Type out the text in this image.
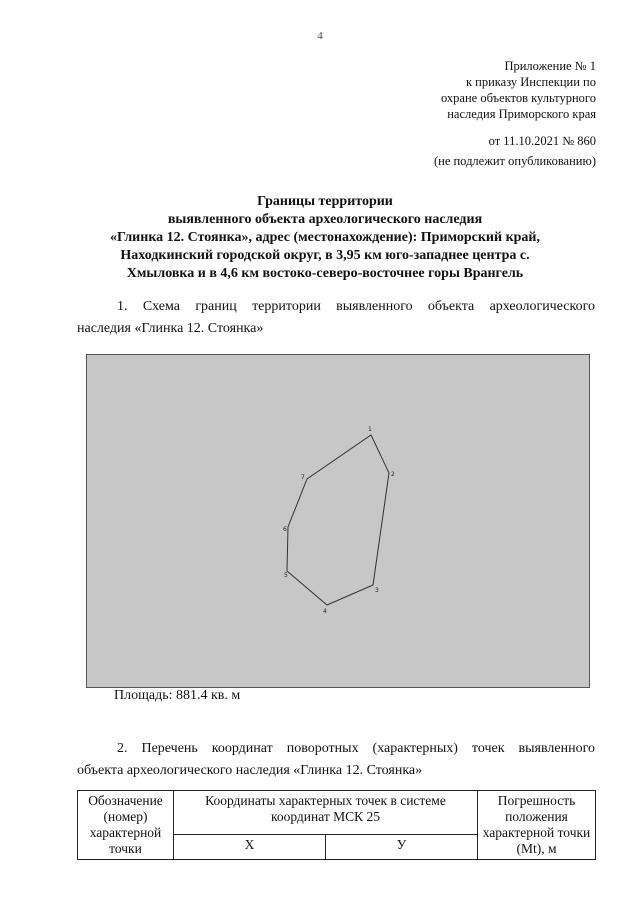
4
Приложение № 1
к приказу Инспекции по
охране объектов культурного
наследия Приморского края
от 11.10.2021 № 860
(не подлежит опубликованию)
Границы территории
выявленного объекта археологического наследия
«Глинка 12. Стоянка», адрес (местонахождение): Приморский край,
Находкинский городской округ, в 3,95 км юго-западнее центра с.
Хмыловка и в 4,6 км востоко-северо-восточнее горы Врангель
1. Схема границ территории выявленного объекта археологического
наследия «Глинка 12. Стоянка»
1
2
3
4
5
6
7
Площадь: 881.4 кв. м
2. Перечень координат поворотных (характерных) точек выявленного
объекта археологического наследия «Глинка 12. Стоянка»
Обозначение (номер) характерной точки	Координаты характерных точек в системе координат МСК 25		Погрешность положения характерной точки (Mt), м
	X	У	
